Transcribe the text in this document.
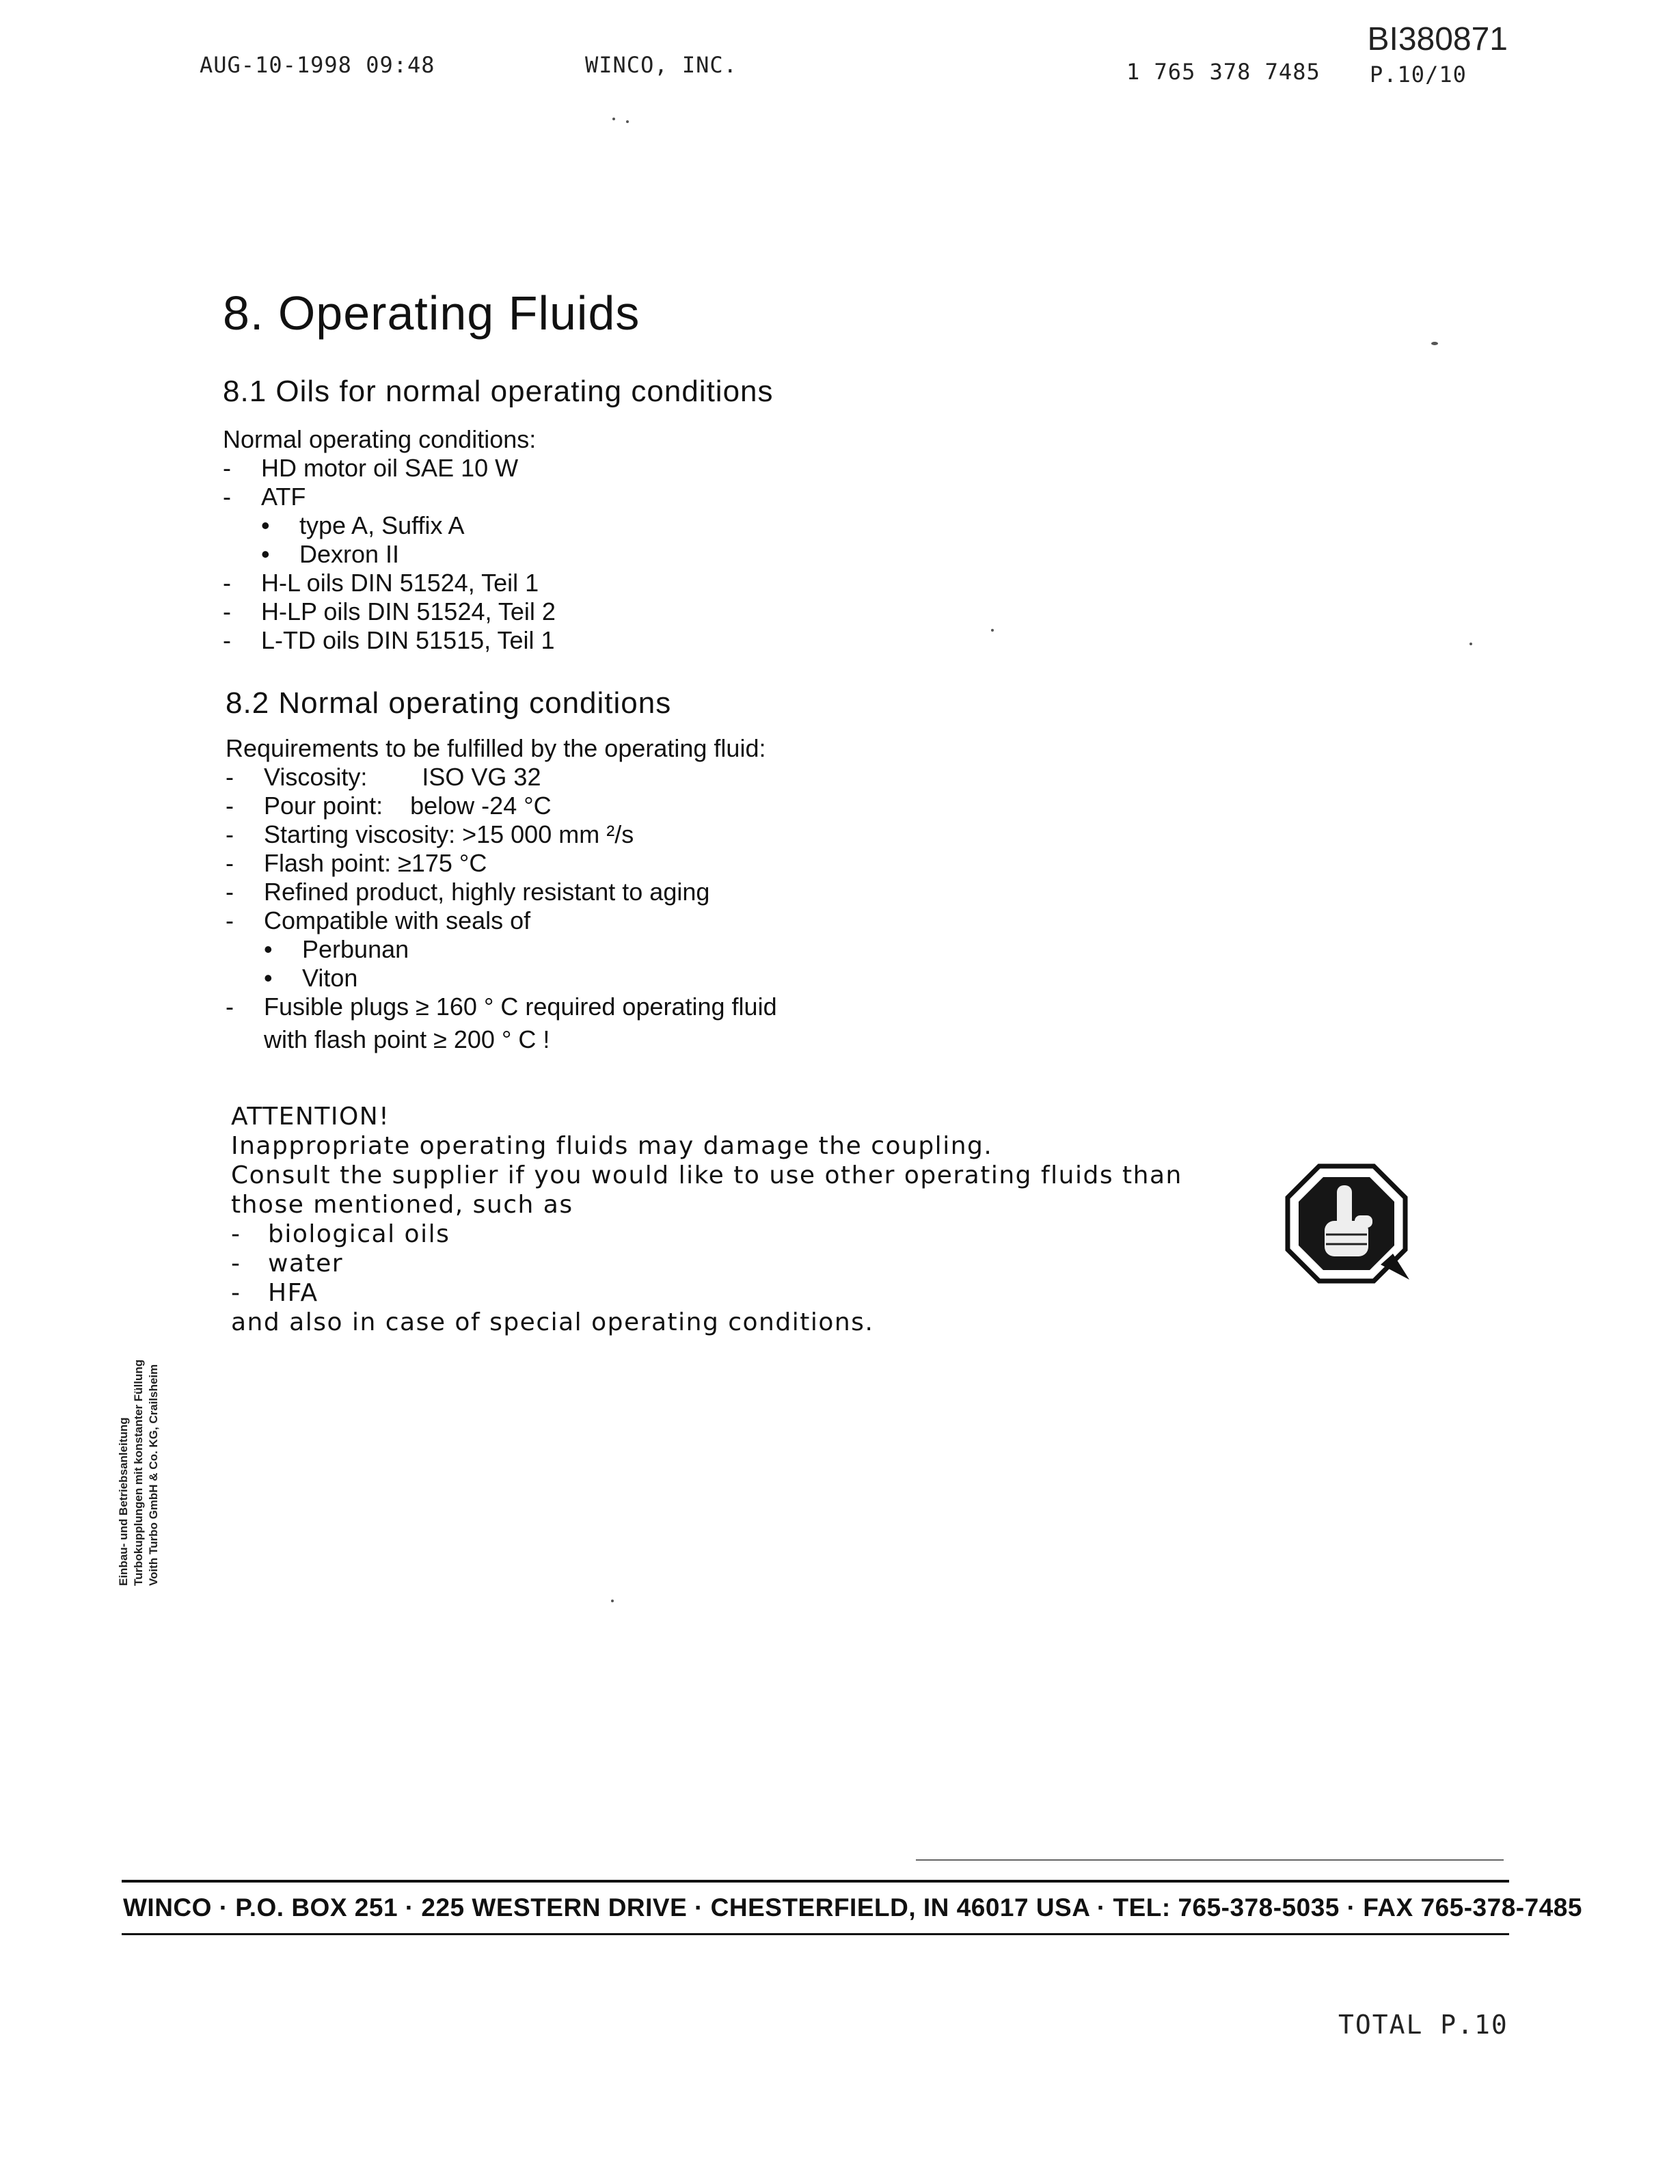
AUG-10-1998 09:48	WINCO, INC.	1 765 378 7485 P.10/10
BI380871
8. Operating Fluids
8.1 Oils for normal operating conditions
Normal operating conditions:
-	HD motor oil SAE 10 W
-	ATF
•	type A, Suffix A
•	Dexron II
-	H-L oils DIN 51524, Teil 1
-	H-LP oils DIN 51524, Teil 2
-	L-TD oils DIN 51515, Teil 1
8.2 Normal operating conditions
Requirements to be fulfilled by the operating fluid:
-	Viscosity:        ISO VG 32
-	Pour point:    below -24 °C
-	Starting viscosity: >15 000 mm ²/s
-	Flash point: ≥175 °C
-	Refined product, highly resistant to aging
-	Compatible with seals of
•	Perbunan
•	Viton
-	Fusible plugs ≥ 160 ° C required operating fluid
with flash point ≥ 200 ° C !
ATTENTION!
Inappropriate operating fluids may damage the coupling.
Consult the supplier if you would like to use other operating fluids than
those mentioned, such as
- biological oils
- water
- HFA
and also in case of special operating conditions.
Einbau- und Betriebsanleitung Turbokupplungen mit konstanter Füllung Voith Turbo GmbH & Co. KG, Crailsheim
WINCO · P.O. BOX 251 · 225 WESTERN DRIVE · CHESTERFIELD, IN 46017 USA · TEL: 765-378-5035 · FAX 765-378-7485
TOTAL P.10
